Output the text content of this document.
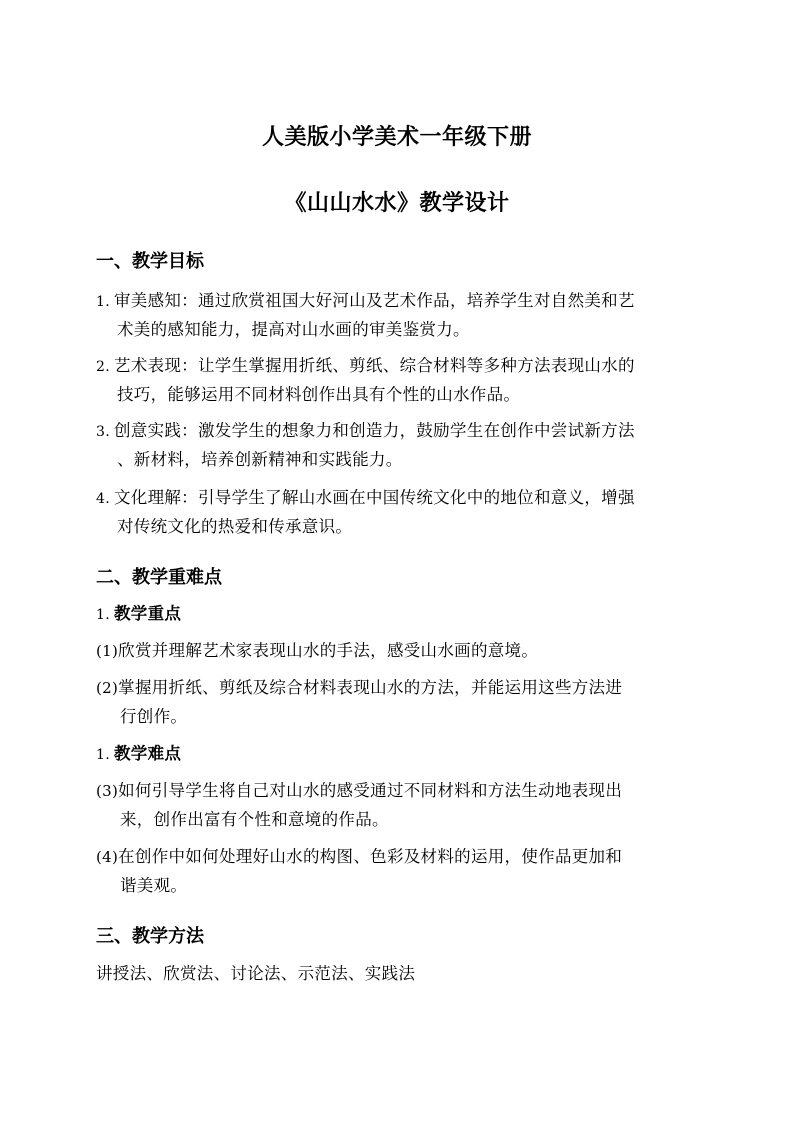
人美版小学美术一年级下册
《山山水水》教学设计
一、教学目标
1. 审美感知：通过欣赏祖国大好河山及艺术作品，培养学生对自然美和艺
术美的感知能力，提高对山水画的审美鉴赏力。
2. 艺术表现：让学生掌握用折纸、剪纸、综合材料等多种方法表现山水的
技巧，能够运用不同材料创作出具有个性的山水作品。
3. 创意实践：激发学生的想象力和创造力，鼓励学生在创作中尝试新方法
、新材料，培养创新精神和实践能力。
4. 文化理解：引导学生了解山水画在中国传统文化中的地位和意义，增强
对传统文化的热爱和传承意识。
二、教学重难点
1. 教学重点
(1)欣赏并理解艺术家表现山水的手法，感受山水画的意境。
(2)掌握用折纸、剪纸及综合材料表现山水的方法，并能运用这些方法进
行创作。
1. 教学难点
(3)如何引导学生将自己对山水的感受通过不同材料和方法生动地表现出
来，创作出富有个性和意境的作品。
(4)在创作中如何处理好山水的构图、色彩及材料的运用，使作品更加和
谐美观。
三、教学方法
讲授法、欣赏法、讨论法、示范法、实践法
